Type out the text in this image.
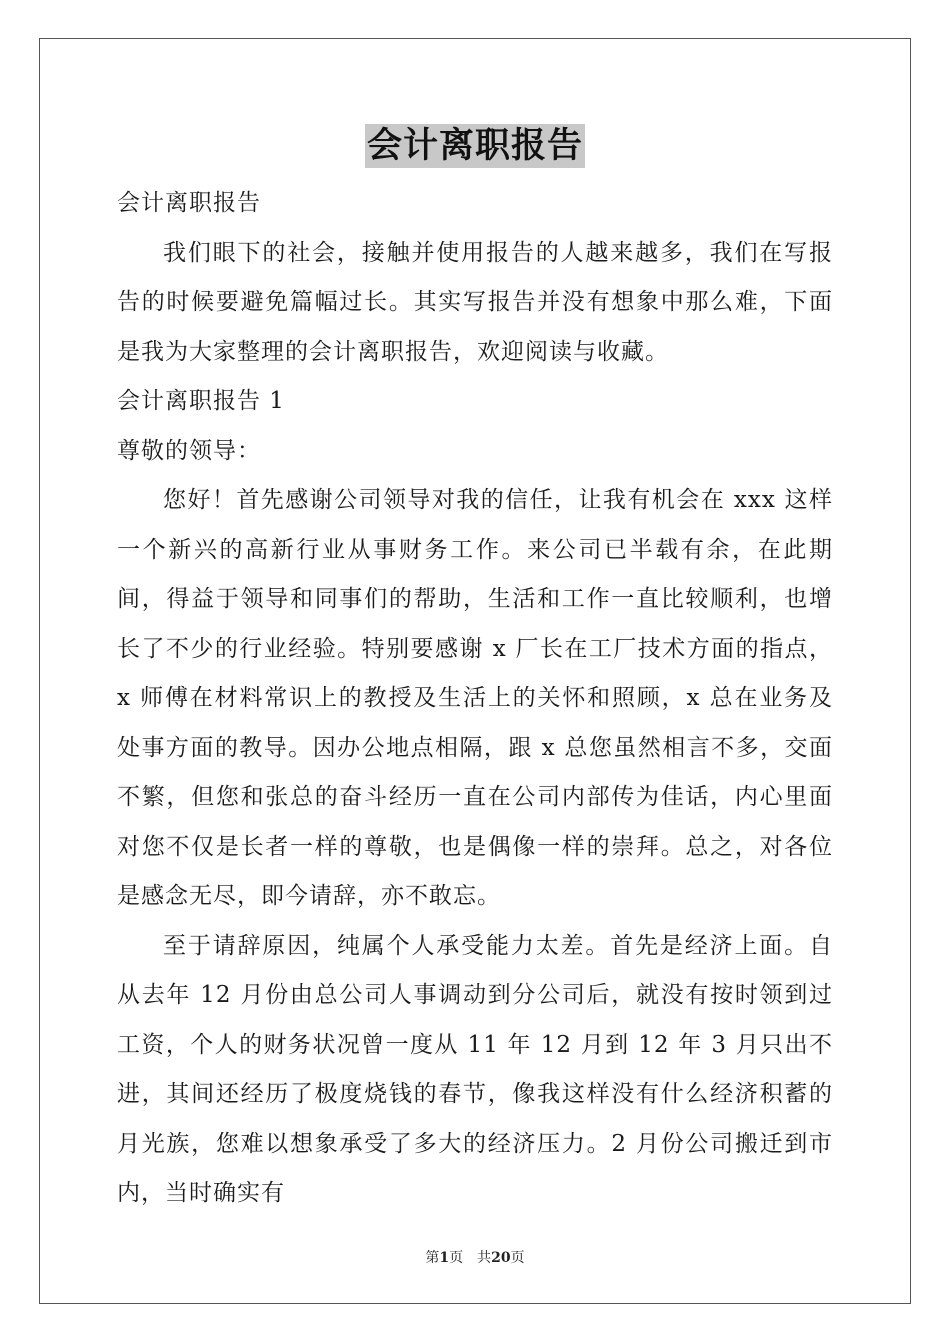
会计离职报告

会计离职报告

我们眼下的社会，接触并使用报告的人越来越多，我们在写报告的时候要避免篇幅过长。其实写报告并没有想象中那么难，下面是我为大家整理的会计离职报告，欢迎阅读与收藏。

会计离职报告 1

尊敬的领导：

您好！首先感谢公司领导对我的信任，让我有机会在 xxx 这样一个新兴的高新行业从事财务工作。来公司已半载有余，在此期间，得益于领导和同事们的帮助，生活和工作一直比较顺利，也增长了不少的行业经验。特别要感谢 x 厂长在工厂技术方面的指点，x 师傅在材料常识上的教授及生活上的关怀和照顾，x 总在业务及处事方面的教导。因办公地点相隔，跟 x 总您虽然相言不多，交面不繁，但您和张总的奋斗经历一直在公司内部传为佳话，内心里面对您不仅是长者一样的尊敬，也是偶像一样的崇拜。总之，对各位是感念无尽，即今请辞，亦不敢忘。

至于请辞原因，纯属个人承受能力太差。首先是经济上面。自从去年 12 月份由总公司人事调动到分公司后，就没有按时领到过工资，个人的财务状况曾一度从 11 年 12 月到 12 年 3 月只出不进，其间还经历了极度烧钱的春节，像我这样没有什么经济积蓄的月光族，您难以想象承受了多大的经济压力。2 月份公司搬迁到市内，当时确实有

第1页　共20页
